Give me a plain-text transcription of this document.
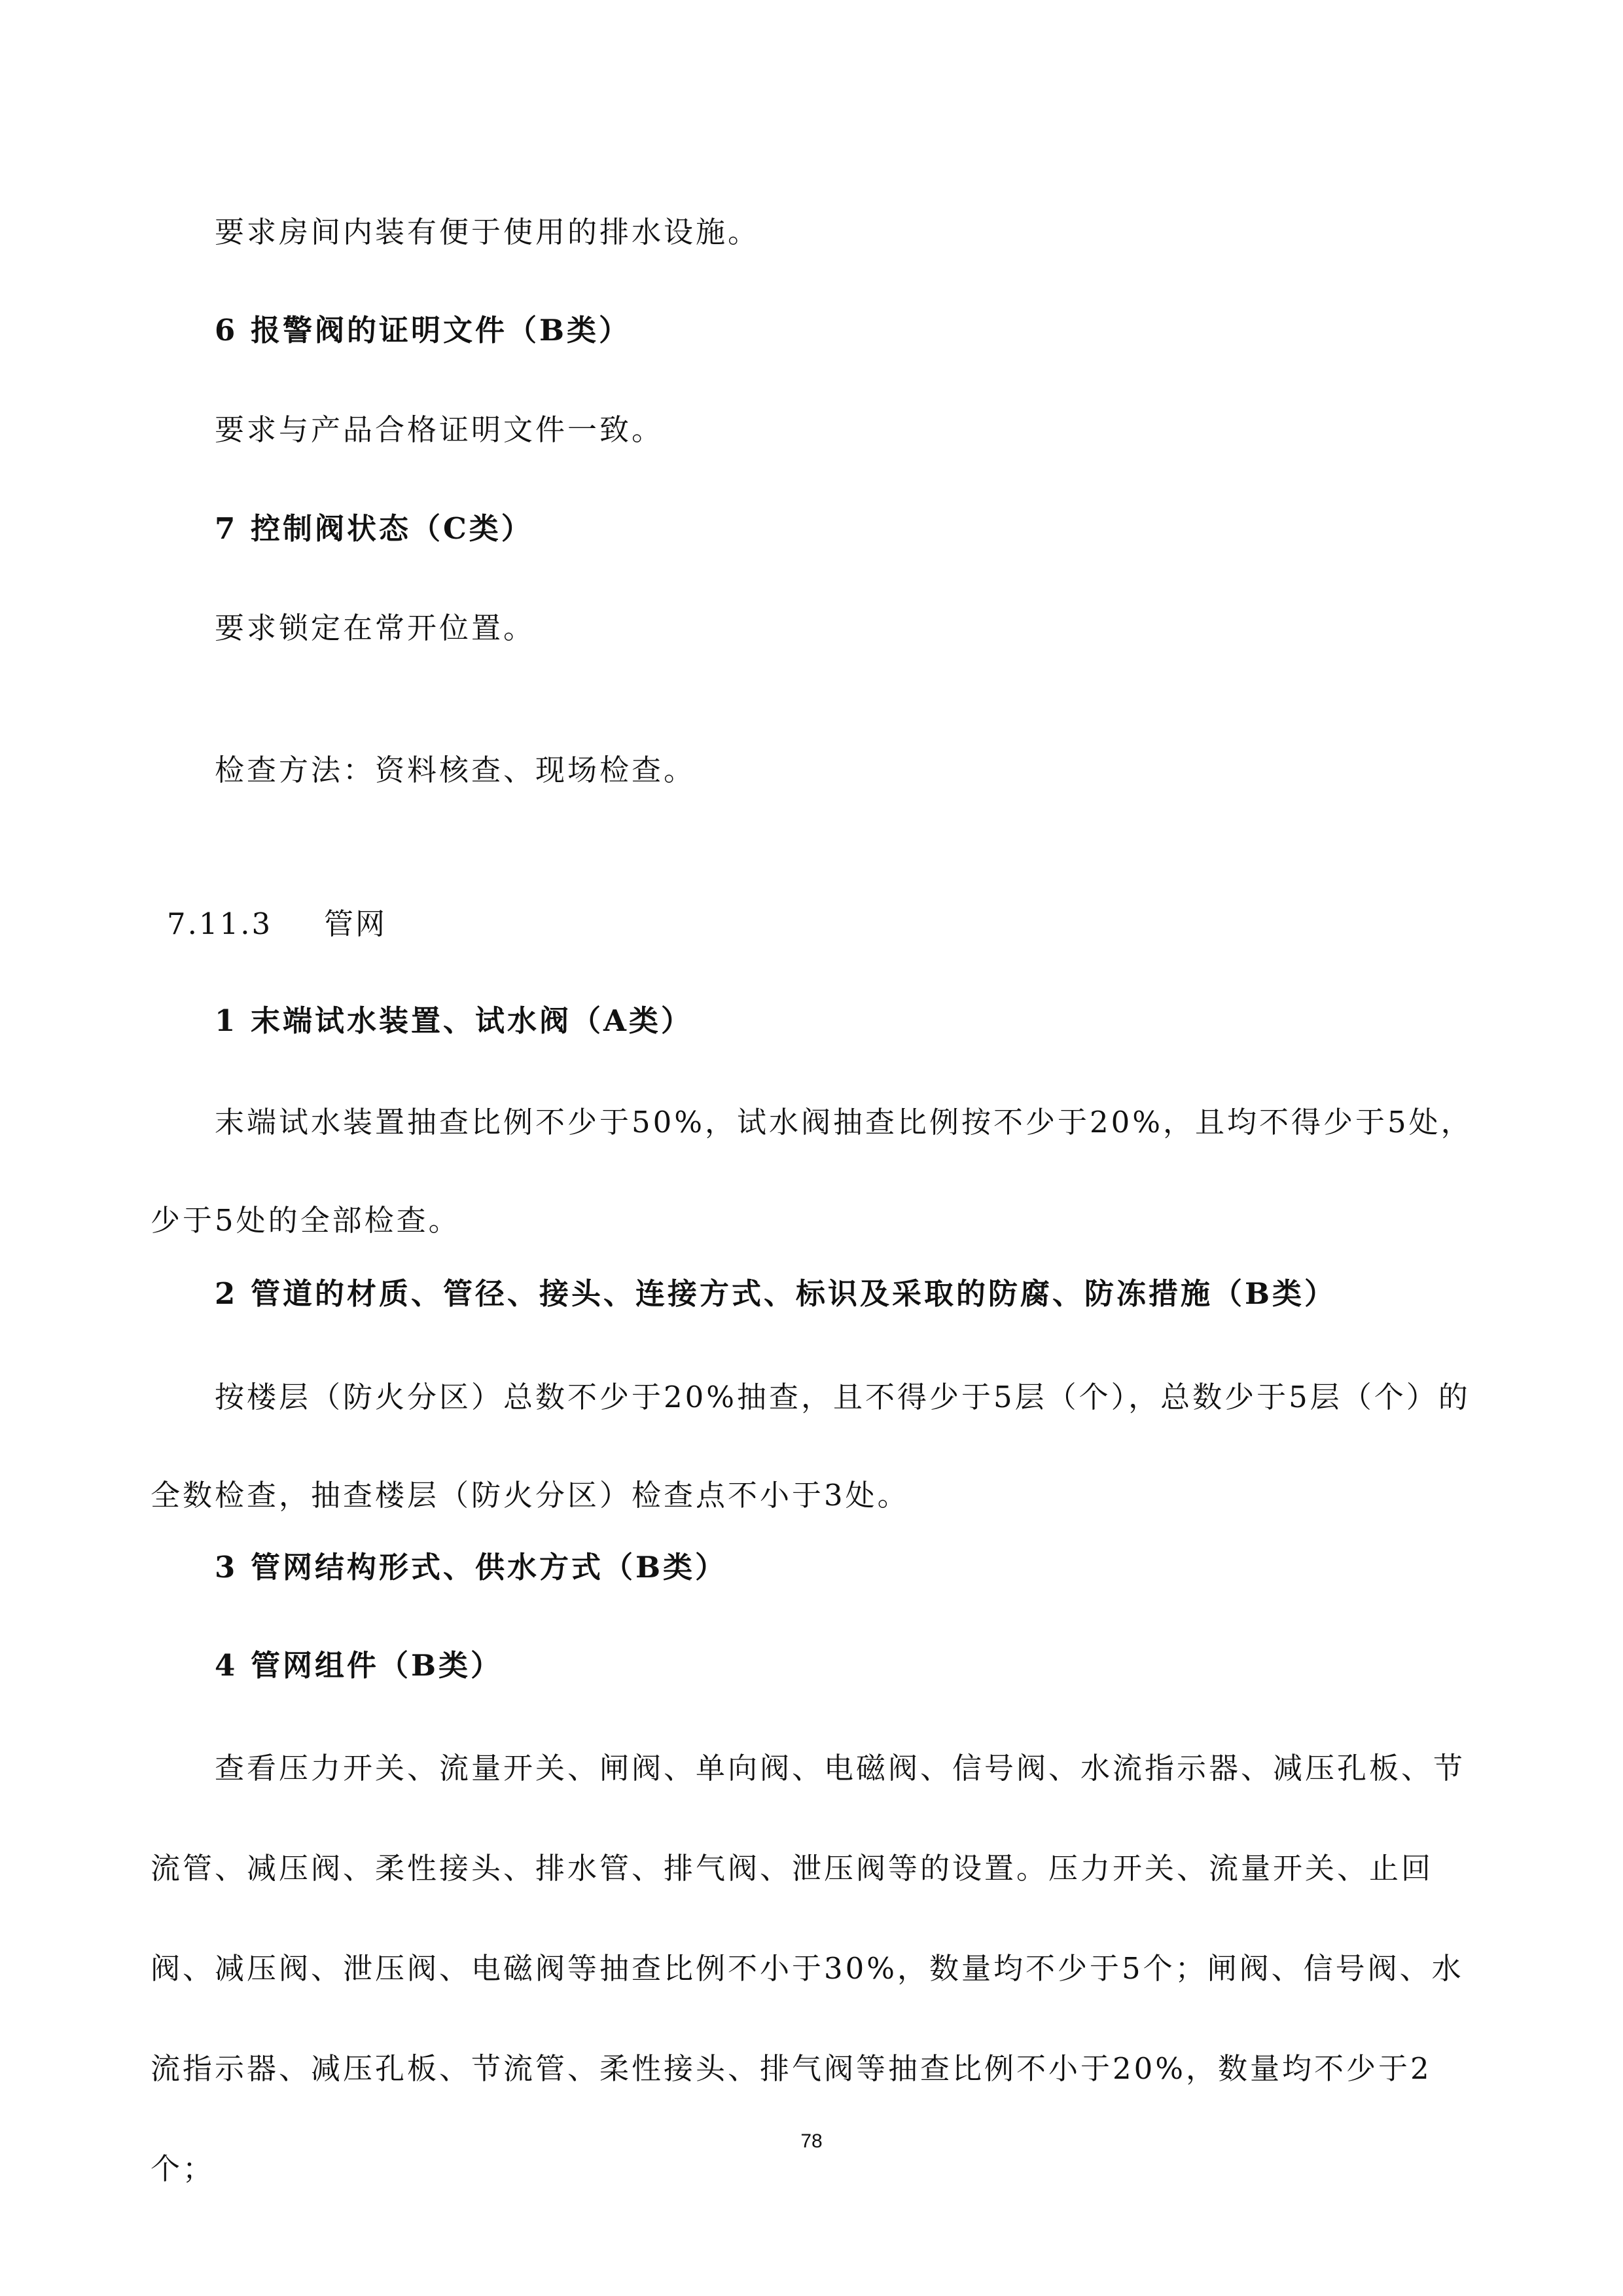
要求房间内装有便于使用的排水设施。

6 报警阀的证明文件（B类）

要求与产品合格证明文件一致。

7 控制阀状态（C类）

要求锁定在常开位置。

检查方法：资料核查、现场检查。

7.11.3 管网

1 末端试水装置、试水阀（A类）

末端试水装置抽查比例不少于50%，试水阀抽查比例按不少于20%，且均不得少于5处，少于5处的全部检查。

2 管道的材质、管径、接头、连接方式、标识及采取的防腐、防冻措施（B类）

按楼层（防火分区）总数不少于20%抽查，且不得少于5层（个），总数少于5层（个）的全数检查，抽查楼层（防火分区）检查点不小于3处。

3 管网结构形式、供水方式（B类）

4 管网组件（B类）

查看压力开关、流量开关、闸阀、单向阀、电磁阀、信号阀、水流指示器、减压孔板、节流管、减压阀、柔性接头、排水管、排气阀、泄压阀等的设置。压力开关、流量开关、止回阀、减压阀、泄压阀、电磁阀等抽查比例不小于30%，数量均不少于5个；闸阀、信号阀、水流指示器、减压孔板、节流管、柔性接头、排气阀等抽查比例不小于20%，数量均不少于2个；

78
